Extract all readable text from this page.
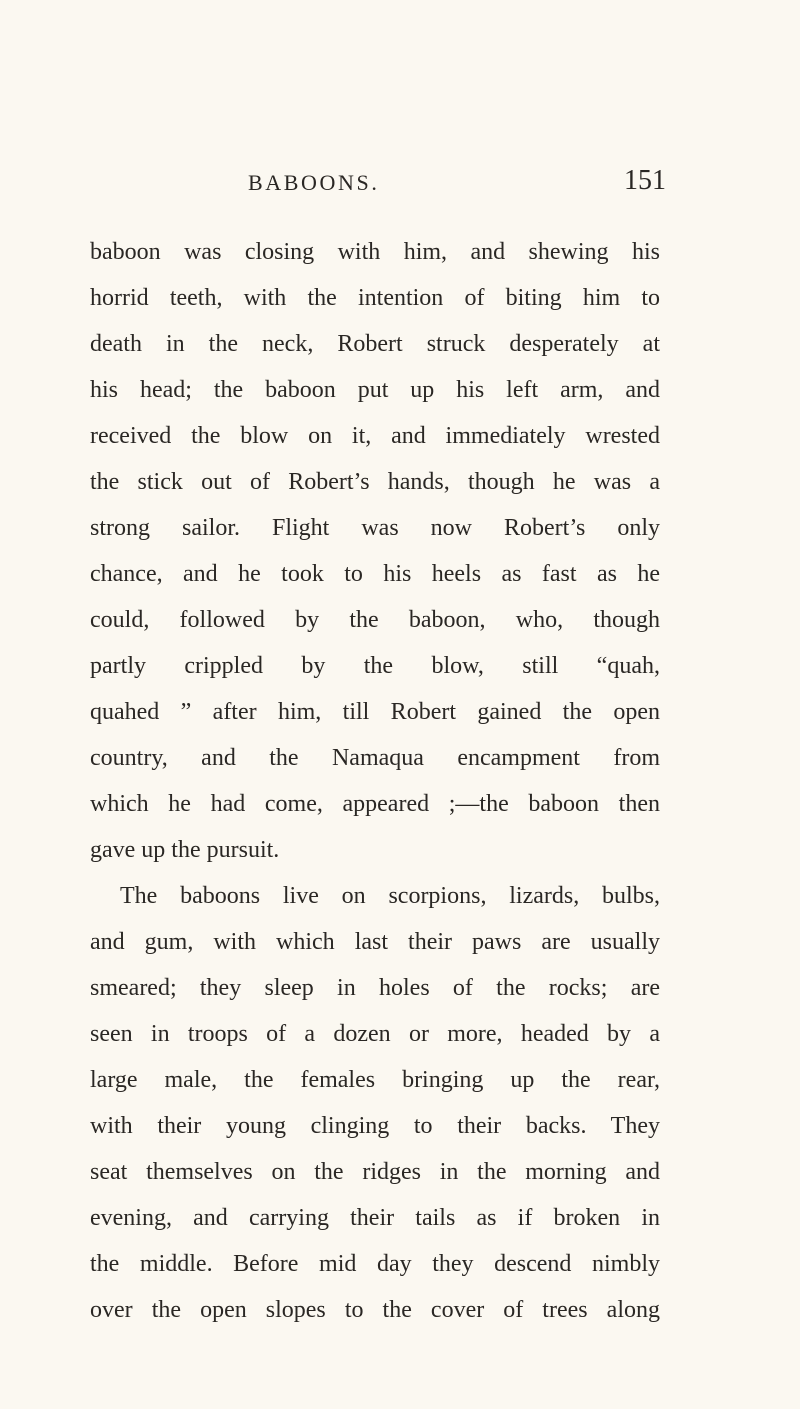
BABOONS.	151
baboon was closing with him, and shewing his
horrid teeth, with the intention of biting him to
death in the neck, Robert struck desperately at
his head; the baboon put up his left arm, and
received the blow on it, and immediately wrested
the stick out of Robert’s hands, though he was a
strong sailor. Flight was now Robert’s only
chance, and he took to his heels as fast as he
could, followed by the baboon, who, though
partly crippled by the blow, still “quah,
quahed ” after him, till Robert gained the open
country, and the Namaqua encampment from
which he had come, appeared ;—the baboon then
gave up the pursuit.
The baboons live on scorpions, lizards, bulbs,
and gum, with which last their paws are usually
smeared; they sleep in holes of the rocks; are
seen in troops of a dozen or more, headed by a
large male, the females bringing up the rear,
with their young clinging to their backs. They
seat themselves on the ridges in the morning and
evening, and carrying their tails as if broken in
the middle. Before mid day they descend nimbly
over the open slopes to the cover of trees along
